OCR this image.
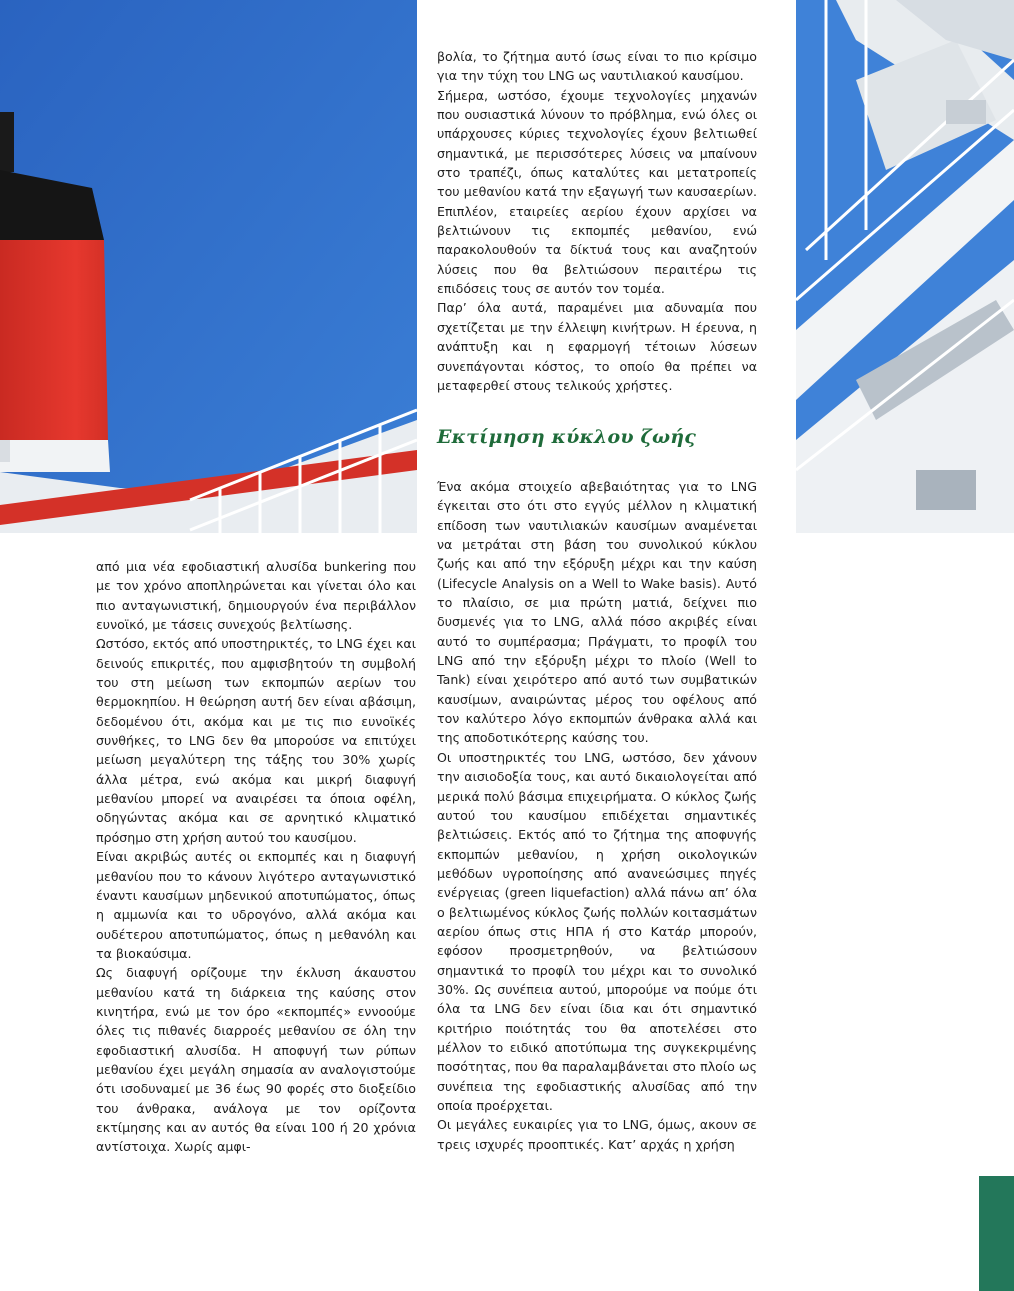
βολία, το ζήτημα αυτό ίσως είναι το πιο κρίσιμο για την τύχη του LNG ως ναυτιλιακού καυσίμου.

Σήμερα, ωστόσο, έχουμε τεχνολογίες μηχανών που ουσιαστικά λύνουν το πρόβλημα, ενώ όλες οι υπάρχουσες κύριες τεχνολογίες έχουν βελτιωθεί σημαντικά, με περισσότερες λύσεις να μπαίνουν στο τραπέζι, όπως καταλύτες και μετατροπείς του μεθανίου κατά την εξαγωγή των καυσαερίων. Επιπλέον, εταιρείες αερίου έχουν αρχίσει να βελτιώνουν τις εκπομπές μεθανίου, ενώ παρακολουθούν τα δίκτυά τους και αναζητούν λύσεις που θα βελτιώσουν περαιτέρω τις επιδόσεις τους σε αυτόν τον τομέα.

Παρ’ όλα αυτά, παραμένει μια αδυναμία που σχετίζεται με την έλλειψη κινήτρων. Η έρευνα, η ανάπτυξη και η εφαρμογή τέτοιων λύσεων συνεπάγονται κόστος, το οποίο θα πρέπει να μεταφερθεί στους τελικούς χρήστες.

Εκτίμηση κύκλου ζωής

Ένα ακόμα στοιχείο αβεβαιότητας για το LNG έγκειται στο ότι στο εγγύς μέλλον η κλιματική επίδοση των ναυτιλιακών καυσίμων αναμένεται να μετράται στη βάση του συνολικού κύκλου ζωής και από την εξόρυξη μέχρι και την καύση (Lifecycle Analysis on a Well to Wake basis). Αυτό το πλαίσιο, σε μια πρώτη ματιά, δείχνει πιο δυσμενές για το LNG, αλλά πόσο ακριβές είναι αυτό το συμπέρασμα; Πράγματι, το προφίλ του LNG από την εξόρυξη μέχρι το πλοίο (Well to Tank) είναι χειρότερο από αυτό των συμβατικών καυσίμων, αναιρώντας μέρος του οφέλους από τον καλύτερο λόγο εκπομπών άνθρακα αλλά και της αποδοτικότερης καύσης του.

Οι υποστηρικτές του LNG, ωστόσο, δεν χάνουν την αισιοδοξία τους, και αυτό δικαιολογείται από μερικά πολύ βάσιμα επιχειρήματα. Ο κύκλος ζωής αυτού του καυσίμου επιδέχεται σημαντικές βελτιώσεις. Εκτός από το ζήτημα της αποφυγής εκπομπών μεθανίου, η χρήση οικολογικών μεθόδων υγροποίησης από ανανεώσιμες πηγές ενέργειας (green liquefaction) αλλά πάνω απ’ όλα ο βελτιωμένος κύκλος ζωής πολλών κοιτασμάτων αερίου όπως στις ΗΠΑ ή στο Κατάρ μπορούν, εφόσον προσμετρηθούν, να βελτιώσουν σημαντικά το προφίλ του μέχρι και το συνολικό 30%. Ως συνέπεια αυτού, μπορούμε να πούμε ότι όλα τα LNG δεν είναι ίδια και ότι σημαντικό κριτήριο ποιότητάς του θα αποτελέσει στο μέλλον το ειδικό αποτύπωμα της συγκεκριμένης ποσότητας, που θα παραλαμβάνεται στο πλοίο ως συνέπεια της εφοδιαστικής αλυσίδας από την οποία προέρχεται.

Οι μεγάλες ευκαιρίες για το LNG, όμως, ακουν σε τρεις ισχυρές προοπτικές. Κατ’ αρχάς η χρήση

από μια νέα εφοδιαστική αλυσίδα bunkering που με τον χρόνο αποπληρώνεται και γίνεται όλο και πιο ανταγωνιστική, δημιουργούν ένα περιβάλλον ευνοϊκό, με τάσεις συνεχούς βελτίωσης.

Ωστόσο, εκτός από υποστηρικτές, το LNG έχει και δεινούς επικριτές, που αμφισβητούν τη συμβολή του στη μείωση των εκπομπών αερίων του θερμοκηπίου. Η θεώρηση αυτή δεν είναι αβάσιμη, δεδομένου ότι, ακόμα και με τις πιο ευνοϊκές συνθήκες, το LNG δεν θα μπορούσε να επιτύχει μείωση μεγαλύτερη της τάξης του 30% χωρίς άλλα μέτρα, ενώ ακόμα και μικρή διαφυγή μεθανίου μπορεί να αναιρέσει τα όποια οφέλη, οδηγώντας ακόμα και σε αρνητικό κλιματικό πρόσημο στη χρήση αυτού του καυσίμου.

Είναι ακριβώς αυτές οι εκπομπές και η διαφυγή μεθανίου που το κάνουν λιγότερο ανταγωνιστικό έναντι καυσίμων μηδενικού αποτυπώματος, όπως η αμμωνία και το υδρογόνο, αλλά ακόμα και ουδέτερου αποτυπώματος, όπως η μεθανόλη και τα βιοκαύσιμα.

Ως διαφυγή ορίζουμε την έκλυση άκαυστου μεθανίου κατά τη διάρκεια της καύσης στον κινητήρα, ενώ με τον όρο «εκπομπές» εννοούμε όλες τις πιθανές διαρροές μεθανίου σε όλη την εφοδιαστική αλυσίδα. Η αποφυγή των ρύπων μεθανίου έχει μεγάλη σημασία αν αναλογιστούμε ότι ισοδυναμεί με 36 έως 90 φορές στο διοξείδιο του άνθρακα, ανάλογα με τον ορίζοντα εκτίμησης και αν αυτός θα είναι 100 ή 20 χρόνια αντίστοιχα. Χωρίς αμφι-
